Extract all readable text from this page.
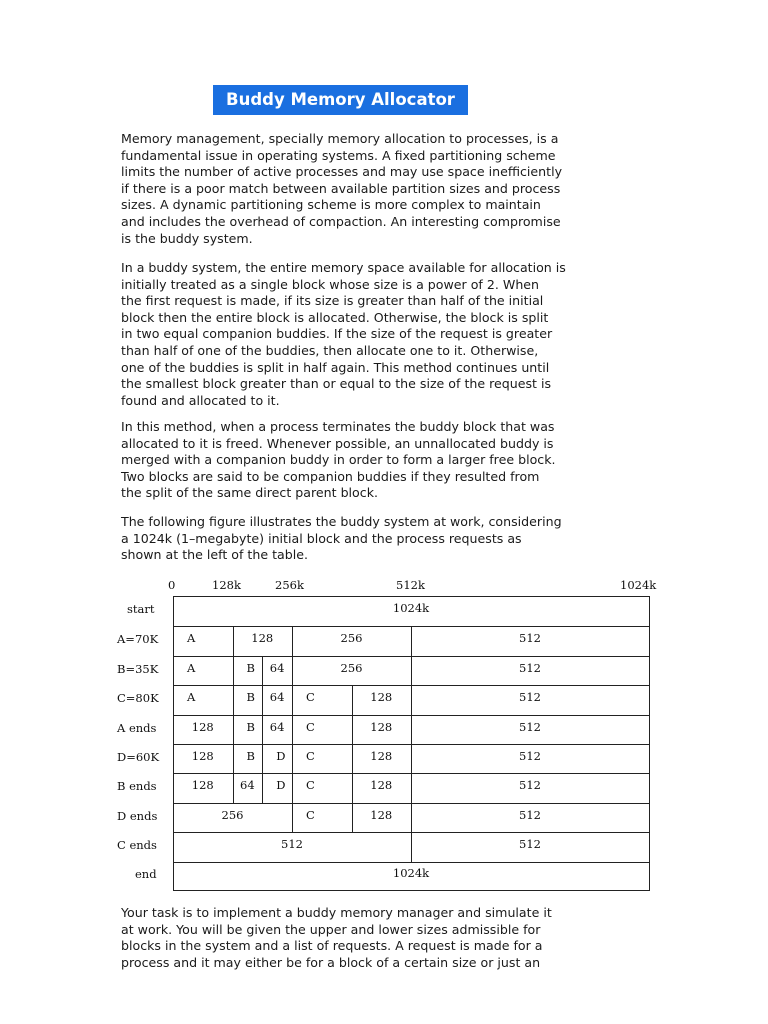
Buddy Memory Allocator

Memory management, specially memory allocation to processes, is a
fundamental issue in operating systems. A fixed partitioning scheme
limits the number of active processes and may use space inefficiently
if there is a poor match between available partition sizes and process
sizes. A dynamic partitioning scheme is more complex to maintain
and includes the overhead of compaction. An interesting compromise
is the buddy system.

In a buddy system, the entire memory space available for allocation is
initially treated as a single block whose size is a power of 2. When
the first request is made, if its size is greater than half of the initial
block then the entire block is allocated. Otherwise, the block is split
in two equal companion buddies. If the size of the request is greater
than half of one of the buddies, then allocate one to it. Otherwise,
one of the buddies is split in half again. This method continues until
the smallest block greater than or equal to the size of the request is
found and allocated to it.

In this method, when a process terminates the buddy block that was
allocated to it is freed. Whenever possible, an unnallocated buddy is
merged with a companion buddy in order to form a larger free block.
Two blocks are said to be companion buddies if they resulted from
the split of the same direct parent block.

The following figure illustrates the buddy system at work, considering
a 1024k (1–megabyte) initial block and the process requests as
shown at the left of the table.

Your task is to implement a buddy memory manager and simulate it
at work. You will be given the upper and lower sizes admissible for
blocks in the system and a list of requests. A request is made for a
process and it may either be for a block of a certain size or just an

0	128k	256k	512k	1024k
start	1024k
A=70K	A	128	256	512
B=35K	A	B	64	256	512
C=80K	A	B	64	C	128	512
A ends	128	B	64	C	128	512
D=60K	128	B	D	C	128	512
B ends	128	64	D	C	128	512
D ends	256	C	128	512
C ends	512	512
end	1024k
